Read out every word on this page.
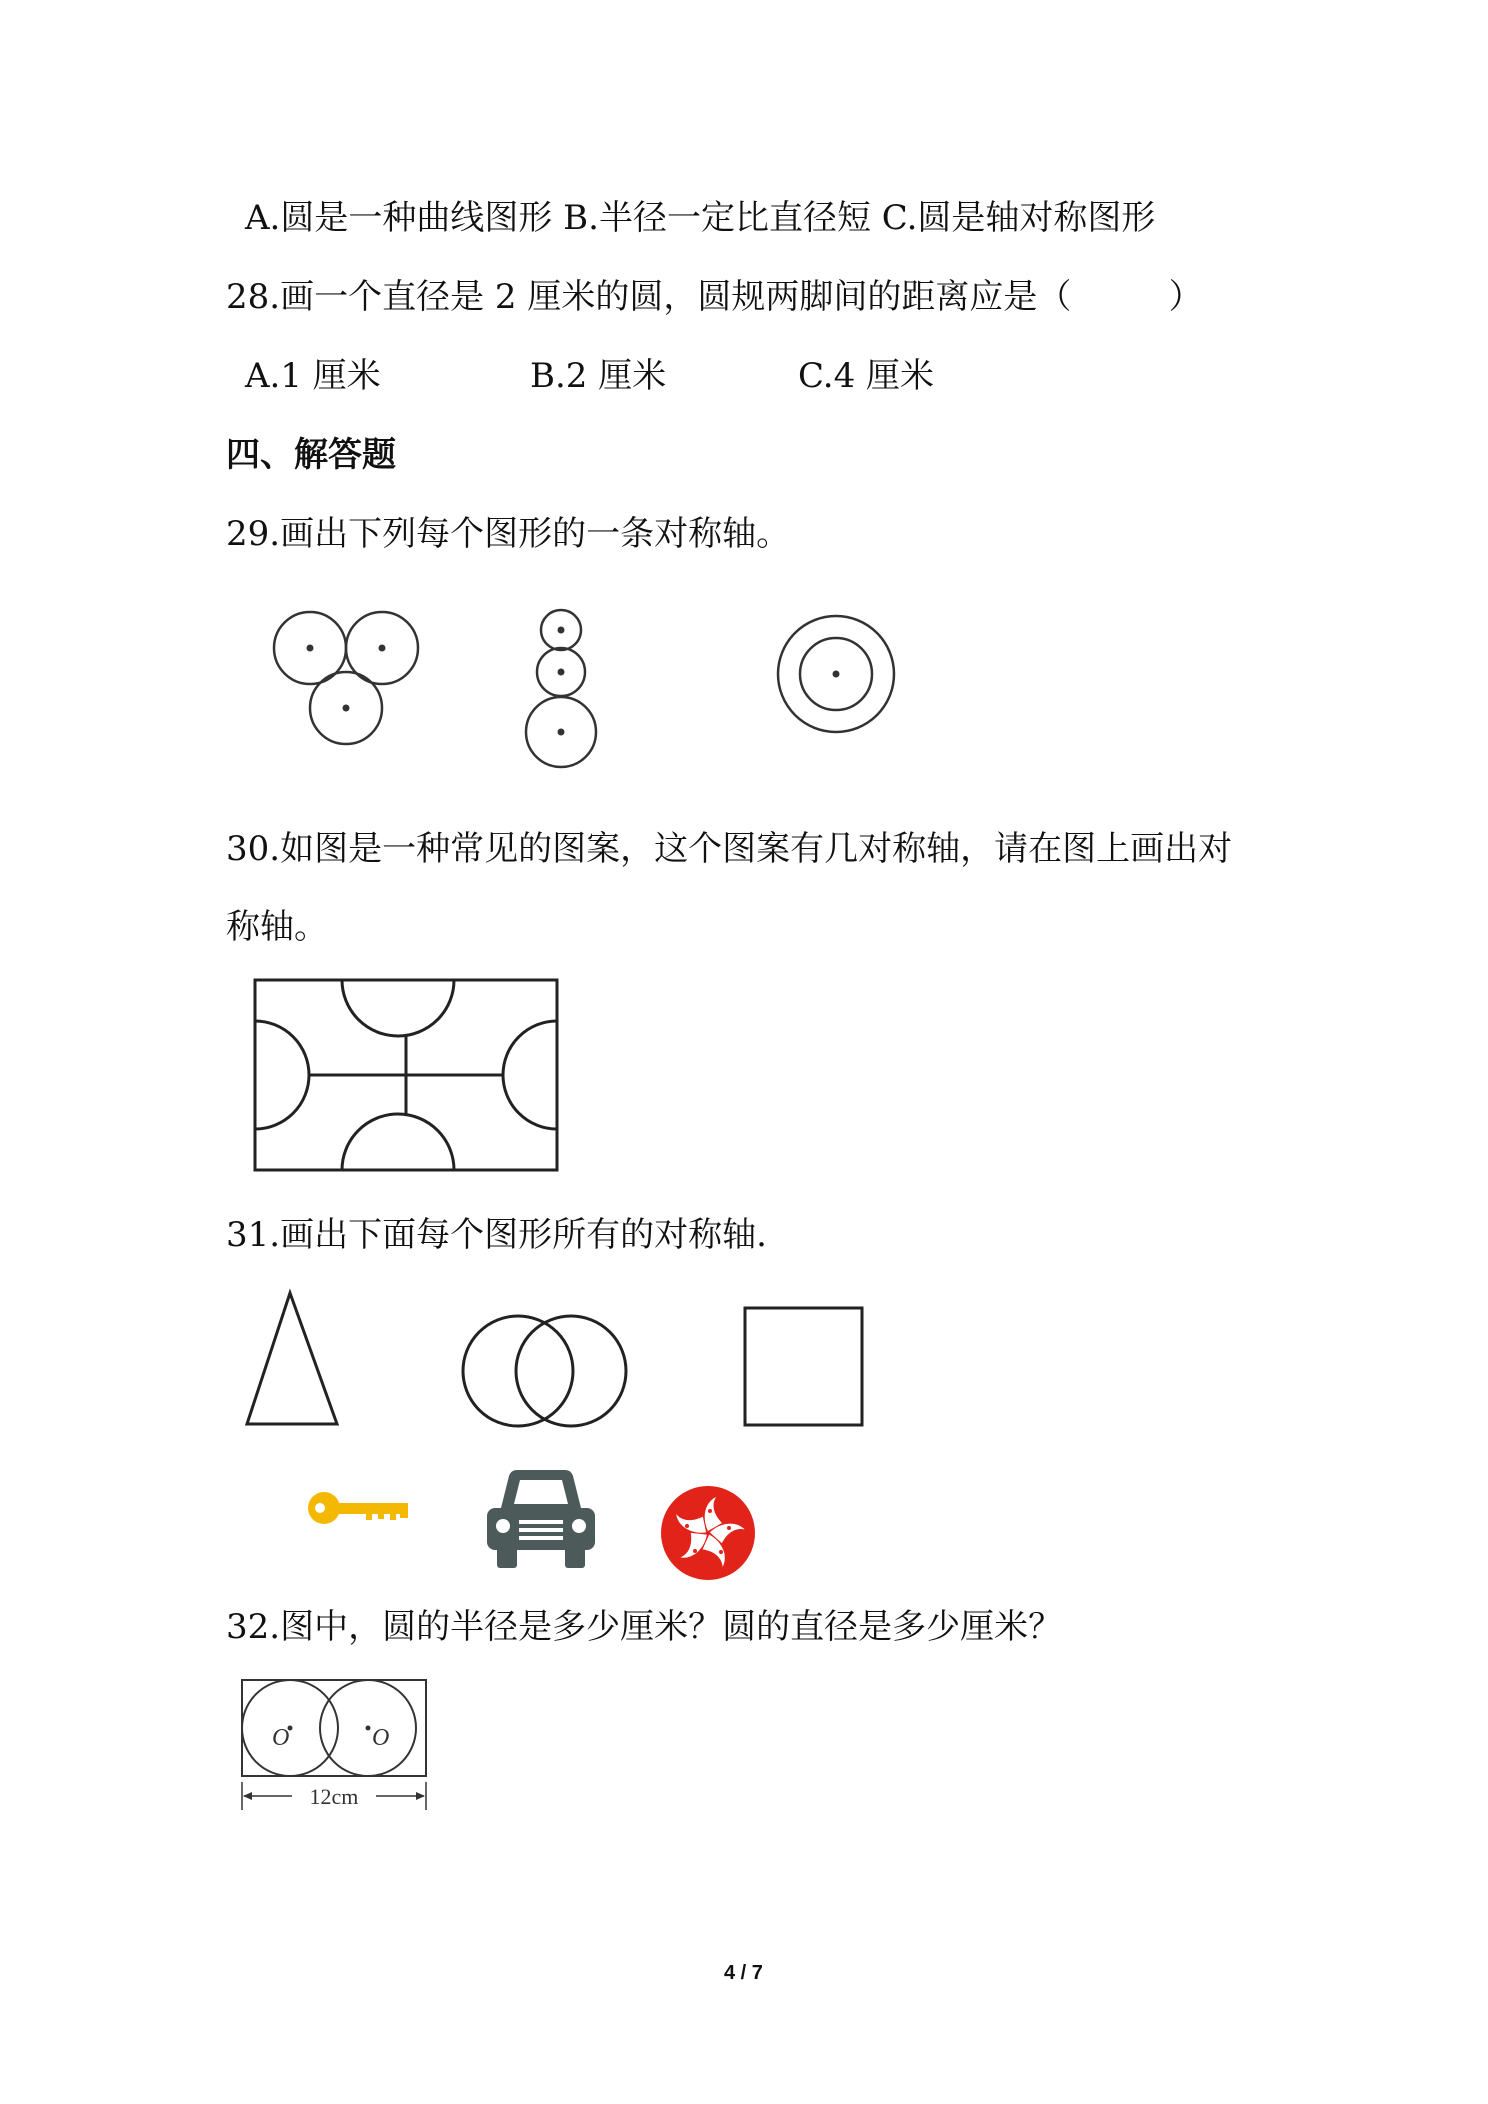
A.圆是一种曲线图形 B.半径一定比直径短 C.圆是轴对称图形
28.画一个直径是 2 厘米的圆，圆规两脚间的距离应是（         ）
A.1 厘米	B.2 厘米	C.4 厘米
四、解答题
29.画出下列每个图形的一条对称轴。
30.如图是一种常见的图案，这个图案有几对称轴，请在图上画出对
称轴。
31.画出下面每个图形所有的对称轴.
32.图中，圆的半径是多少厘米？圆的直径是多少厘米？
O	O
12cm
4 / 7
